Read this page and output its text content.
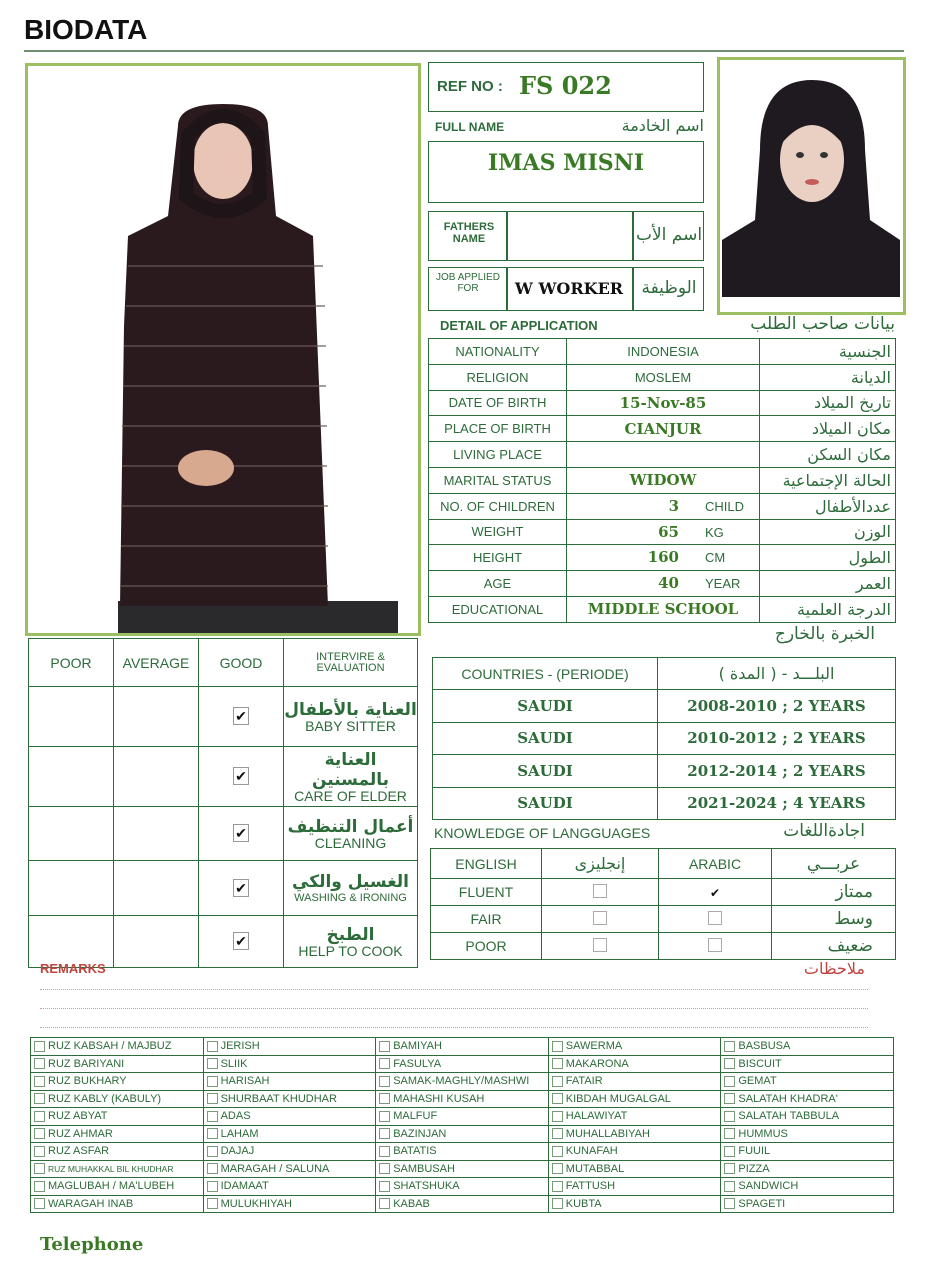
BIODATA
REF NO : FS 022
FULL NAME	اسم الخادمة
IMAS MISNI
FATHERS NAME	اسم الأب
JOB APPLIED FOR	W WORKER	الوظيفة
DETAIL OF APPLICATION	بيانات صاحب الطلب
NATIONALITY	INDONESIA	الجنسية
RELIGION	MOSLEM	الديانة
DATE OF BIRTH	15-Nov-85	تاريخ الميلاد
PLACE OF BIRTH	CIANJUR	مكان الميلاد
LIVING PLACE		مكان السكن
MARITAL STATUS	WIDOW	الحالة الإجتماعية
NO. OF CHILDREN	3 CHILD	عددالأطفال
WEIGHT	65 KG	الوزن
HEIGHT	160 CM	الطول
AGE	40 YEAR	العمر
EDUCATIONAL	MIDDLE SCHOOL	الدرجة العلمية
الخبرة بالخارج
COUNTRIES - (PERIODE)	البلـــد - ( المدة )
SAUDI	2008-2010 ; 2 YEARS
SAUDI	2010-2012 ; 2 YEARS
SAUDI	2012-2014 ; 2 YEARS
SAUDI	2021-2024 ; 4 YEARS
KNOWLEDGE OF LANGGUAGES	اجادةاللغات
ENGLISH	إنجليزى	ARABIC	عربـــي
FLUENT		✔	ممتاز
FAIR			وسط
POOR			ضعيف
POOR	AVERAGE	GOOD	INTERVIRE & EVALUATION
		✔	العناية بالأطفال
BABY SITTER

		✔	العناية بالمسنين
CARE OF ELDER

		✔	أعمال التنظيف
CLEANING

		✔	الغسيل والكي
WASHING & IRONING

		✔	الطبخ
HELP TO COOK
REMARKS	ملاحظات
RUZ KABSAH / MAJBUZ	JERISH	BAMIYAH	SAWERMA	BASBUSA
RUZ BARIYANI	SLIIK	FASULYA	MAKARONA	BISCUIT
RUZ BUKHARY	HARISAH	SAMAK-MAGHLY/MASHWI	FATAIR	GEMAT
RUZ KABLY (KABULY)	SHURBAAT KHUDHAR	MAHASHI KUSAH	KIBDAH MUGALGAL	SALATAH KHADRA'
RUZ ABYAT	ADAS	MALFUF	HALAWIYAT	SALATAH TABBULA
RUZ AHMAR	LAHAM	BAZINJAN	MUHALLABIYAH	HUMMUS
RUZ ASFAR	DAJAJ	BATATIS	KUNAFAH	FUUIL
RUZ MUHAKKAL BIL KHUDHAR	MARAGAH / SALUNA	SAMBUSAH	MUTABBAL	PIZZA
MAGLUBAH / MA'LUBEH	IDAMAAT	SHATSHUKA	FATTUSH	SANDWICH
WARAGAH INAB	MULUKHIYAH	KABAB	KUBTA	SPAGETI
Telephone
